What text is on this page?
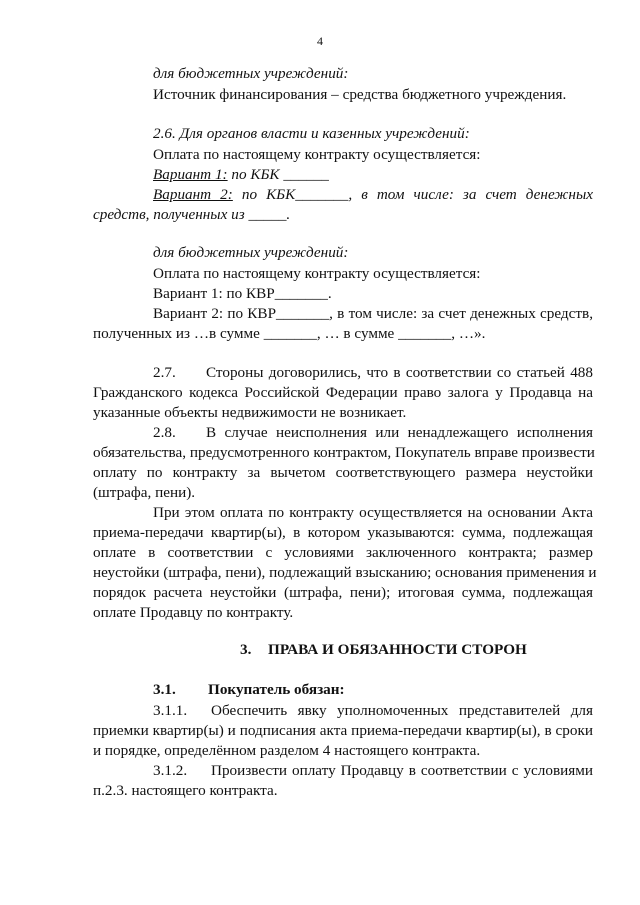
4
для бюджетных учреждений:
Источник финансирования – средства бюджетного учреждения.
2.6. Для органов власти и казенных учреждений:
Оплата по настоящему контракту осуществляется:
Вариант 1: по КБК ______
Вариант 2: по КБК_______, в том числе: за счет денежных
средств, полученных из _____.
для бюджетных учреждений:
Оплата по настоящему контракту осуществляется:
Вариант 1: по КВР_______.
Вариант 2: по КВР_______, в том числе: за счет денежных средств,
полученных из …в сумме _______, … в сумме _______, …».
2.7. Стороны договорились, что в соответствии со статьей 488
Гражданского кодекса Российской Федерации право залога у Продавца на
указанные объекты недвижимости не возникает.
2.8. В случае неисполнения или ненадлежащего исполнения
обязательства, предусмотренного контрактом, Покупатель вправе произвести
оплату по контракту за вычетом соответствующего размера неустойки
(штрафа, пени).
При этом оплата по контракту осуществляется на основании Акта
приема-передачи квартир(ы), в котором указываются: сумма, подлежащая
оплате в соответствии с условиями заключенного контракта; размер
неустойки (штрафа, пени), подлежащий взысканию; основания применения и
порядок расчета неустойки (штрафа, пени); итоговая сумма, подлежащая
оплате Продавцу по контракту.
3. ПРАВА И ОБЯЗАННОСТИ СТОРОН
3.1. Покупатель обязан:
3.1.1. Обеспечить явку уполномоченных представителей для
приемки квартир(ы) и подписания акта приема-передачи квартир(ы), в сроки
и порядке, определённом разделом 4 настоящего контракта.
3.1.2. Произвести оплату Продавцу в соответствии с условиями
п.2.3. настоящего контракта.
